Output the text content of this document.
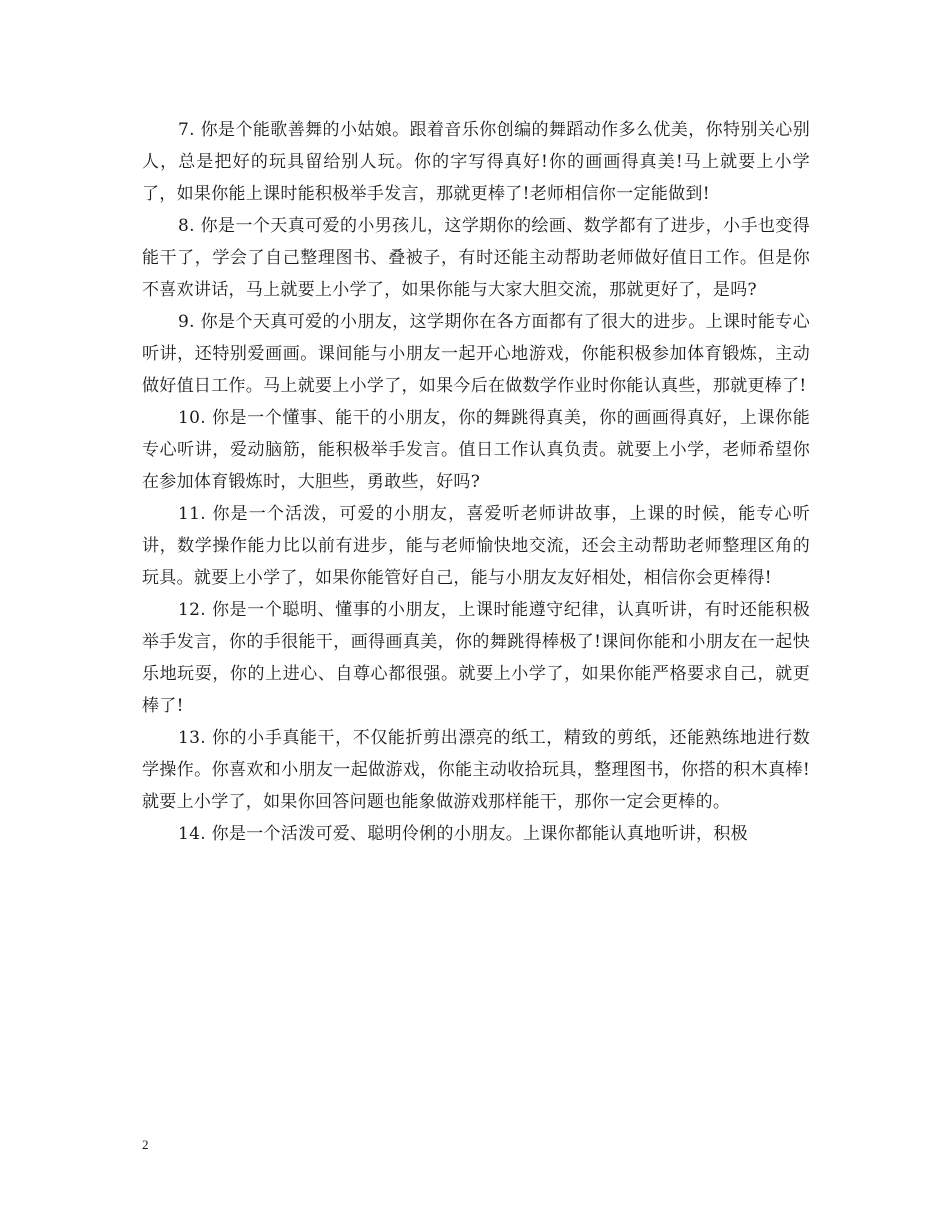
7. 你是个能歌善舞的小姑娘。跟着音乐你创编的舞蹈动作多么优美，你特别关心别人，总是把好的玩具留给别人玩。你的字写得真好!你的画画得真美!马上就要上小学了，如果你能上课时能积极举手发言，那就更棒了!老师相信你一定能做到!

8. 你是一个天真可爱的小男孩儿，这学期你的绘画、数学都有了进步，小手也变得能干了，学会了自己整理图书、叠被子，有时还能主动帮助老师做好值日工作。但是你不喜欢讲话，马上就要上小学了，如果你能与大家大胆交流，那就更好了，是吗?

9. 你是个天真可爱的小朋友，这学期你在各方面都有了很大的进步。上课时能专心听讲，还特别爱画画。课间能与小朋友一起开心地游戏，你能积极参加体育锻炼，主动做好值日工作。马上就要上小学了，如果今后在做数学作业时你能认真些，那就更棒了!

10. 你是一个懂事、能干的小朋友，你的舞跳得真美，你的画画得真好，上课你能专心听讲，爱动脑筋，能积极举手发言。值日工作认真负责。就要上小学，老师希望你在参加体育锻炼时，大胆些，勇敢些，好吗?

11. 你是一个活泼，可爱的小朋友，喜爱听老师讲故事，上课的时候，能专心听讲，数学操作能力比以前有进步，能与老师愉快地交流，还会主动帮助老师整理区角的玩具。就要上小学了，如果你能管好自己，能与小朋友友好相处，相信你会更棒得!

12. 你是一个聪明、懂事的小朋友，上课时能遵守纪律，认真听讲，有时还能积极举手发言，你的手很能干，画得画真美，你的舞跳得棒极了!课间你能和小朋友在一起快乐地玩耍，你的上进心、自尊心都很强。就要上小学了，如果你能严格要求自己，就更棒了!

13. 你的小手真能干，不仅能折剪出漂亮的纸工，精致的剪纸，还能熟练地进行数学操作。你喜欢和小朋友一起做游戏，你能主动收拾玩具，整理图书，你搭的积木真棒!就要上小学了，如果你回答问题也能象做游戏那样能干，那你一定会更棒的。

14. 你是一个活泼可爱、聪明伶俐的小朋友。上课你都能认真地听讲，积极

2
